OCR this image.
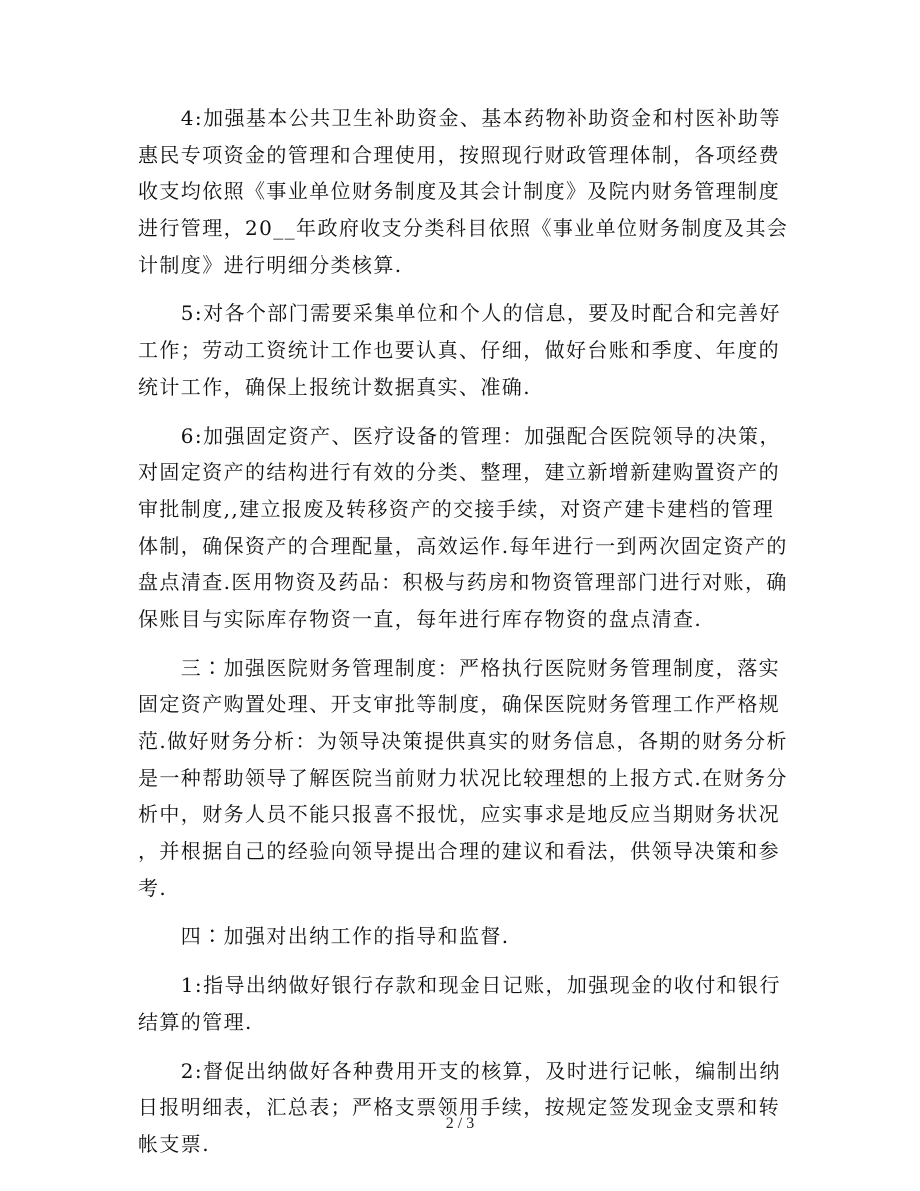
　　4:加强基本公共卫生补助资金、基本药物补助资金和村医补助等
惠民专项资金的管理和合理使用，按照现行财政管理体制，各项经费
收支均依照《事业单位财务制度及其会计制度》及院内财务管理制度
进行管理，20__年政府收支分类科目依照《事业单位财务制度及其会
计制度》进行明细分类核算.
　　5:对各个部门需要采集单位和个人的信息，要及时配合和完善好
工作；劳动工资统计工作也要认真、仔细，做好台账和季度、年度的
统计工作，确保上报统计数据真实、准确.
　　6:加强固定资产、医疗设备的管理：加强配合医院领导的决策，
对固定资产的结构进行有效的分类、整理，建立新增新建购置资产的
审批制度,,建立报废及转移资产的交接手续，对资产建卡建档的管理
体制，确保资产的合理配量，高效运作.每年进行一到两次固定资产的
盘点清查.医用物资及药品：积极与药房和物资管理部门进行对账，确
保账目与实际库存物资一直，每年进行库存物资的盘点清查.
　　三∶加强医院财务管理制度：严格执行医院财务管理制度，落实
固定资产购置处理、开支审批等制度，确保医院财务管理工作严格规
范.做好财务分析：为领导决策提供真实的财务信息，各期的财务分析
是一种帮助领导了解医院当前财力状况比较理想的上报方式.在财务分
析中，财务人员不能只报喜不报忧，应实事求是地反应当期财务状况
，并根据自己的经验向领导提出合理的建议和看法，供领导决策和参
考.
　　四∶加强对出纳工作的指导和监督.
　　1:指导出纳做好银行存款和现金日记账，加强现金的收付和银行
结算的管理.
　　2:督促出纳做好各种费用开支的核算，及时进行记帐，编制出纳
日报明细表，汇总表；严格支票领用手续，按规定签发现金支票和转
帐支票.
2 / 3
